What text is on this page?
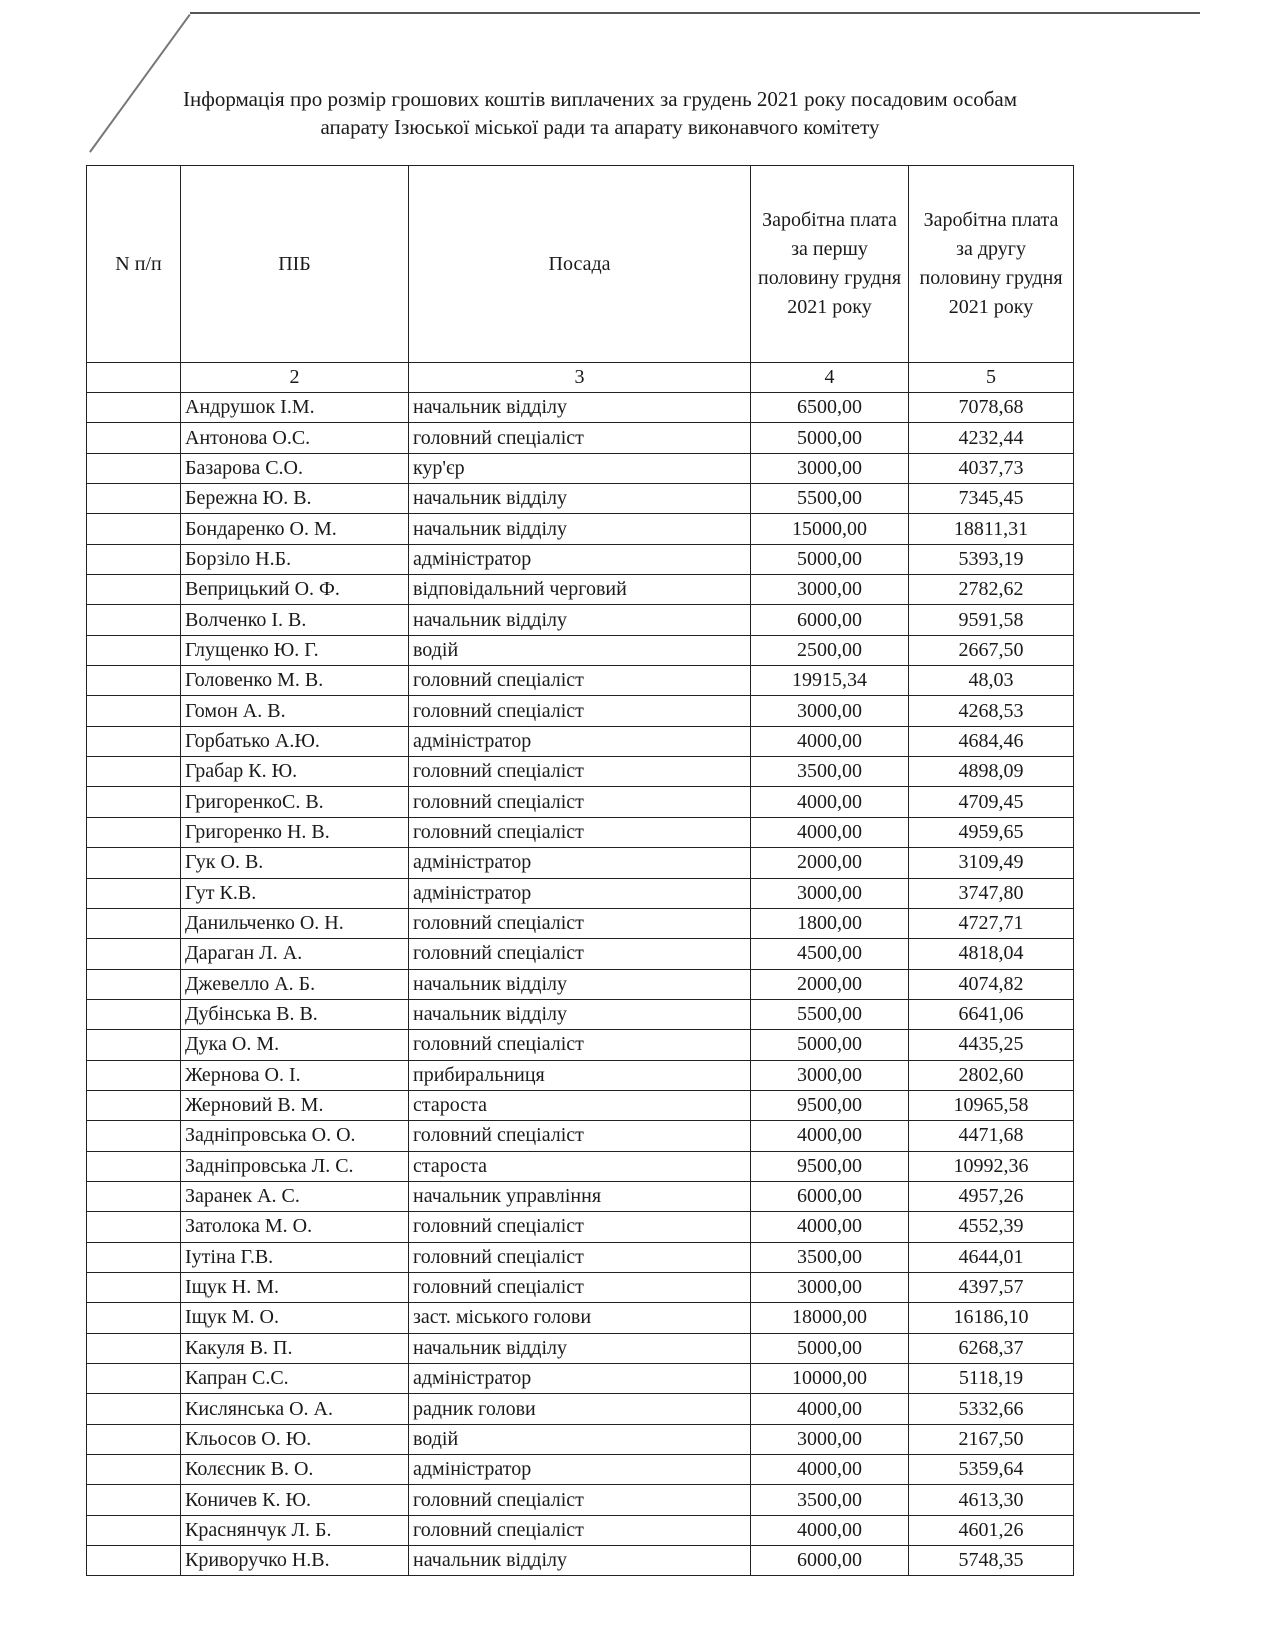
Інформація про розмір грошових коштів виплачених за грудень 2021 року посадовим особам
апарату Ізюської міської ради та апарату виконавчого комітету
N п/п	ПІБ	Посада	Заробітна плата за першу половину грудня 2021 року	Заробітна плата за другу половину грудня 2021 року
	2	3	4	5
	Андрушок І.М.	начальник відділу	6500,00	7078,68
	Антонова О.С.	головний спеціаліст	5000,00	4232,44
	Базарова С.О.	кур'єр	3000,00	4037,73
	Бережна Ю. В.	начальник відділу	5500,00	7345,45
	Бондаренко О. М.	начальник відділу	15000,00	18811,31
	Борзіло Н.Б.	адміністратор	5000,00	5393,19
	Веприцький О. Ф.	відповідальний черговий	3000,00	2782,62
	Волченко І. В.	начальник відділу	6000,00	9591,58
	Глущенко Ю. Г.	водій	2500,00	2667,50
	Головенко М. В.	головний спеціаліст	19915,34	48,03
	Гомон А. В.	головний спеціаліст	3000,00	4268,53
	Горбатько А.Ю.	адміністратор	4000,00	4684,46
	Грабар К. Ю.	головний спеціаліст	3500,00	4898,09
	ГригоренкоС. В.	головний спеціаліст	4000,00	4709,45
	Григоренко Н. В.	головний спеціаліст	4000,00	4959,65
	Гук О. В.	адміністратор	2000,00	3109,49
	Гут К.В.	адміністратор	3000,00	3747,80
	Данильченко О. Н.	головний спеціаліст	1800,00	4727,71
	Дараган Л. А.	головний спеціаліст	4500,00	4818,04
	Джевелло А. Б.	начальник відділу	2000,00	4074,82
	Дубінська В. В.	начальник відділу	5500,00	6641,06
	Дука О. М.	головний спеціаліст	5000,00	4435,25
	Жернова О. І.	прибиральниця	3000,00	2802,60
	Жерновий В. М.	староста	9500,00	10965,58
	Задніпровська О. О.	головний спеціаліст	4000,00	4471,68
	Задніпровська Л. С.	староста	9500,00	10992,36
	Заранек А. С.	начальник управління	6000,00	4957,26
	Затолока М. О.	головний спеціаліст	4000,00	4552,39
	Іутіна Г.В.	головний спеціаліст	3500,00	4644,01
	Іщук Н. М.	головний спеціаліст	3000,00	4397,57
	Іщук М. О.	заст. міського голови	18000,00	16186,10
	Какуля В. П.	начальник відділу	5000,00	6268,37
	Капран С.С.	адміністратор	10000,00	5118,19
	Кислянська О. А.	радник голови	4000,00	5332,66
	Кльосов О. Ю.	водій	3000,00	2167,50
	Колєсник В. О.	адміністратор	4000,00	5359,64
	Коничев К. Ю.	головний спеціаліст	3500,00	4613,30
	Краснянчук Л. Б.	головний спеціаліст	4000,00	4601,26
	Криворучко Н.В.	начальник відділу	6000,00	5748,35
